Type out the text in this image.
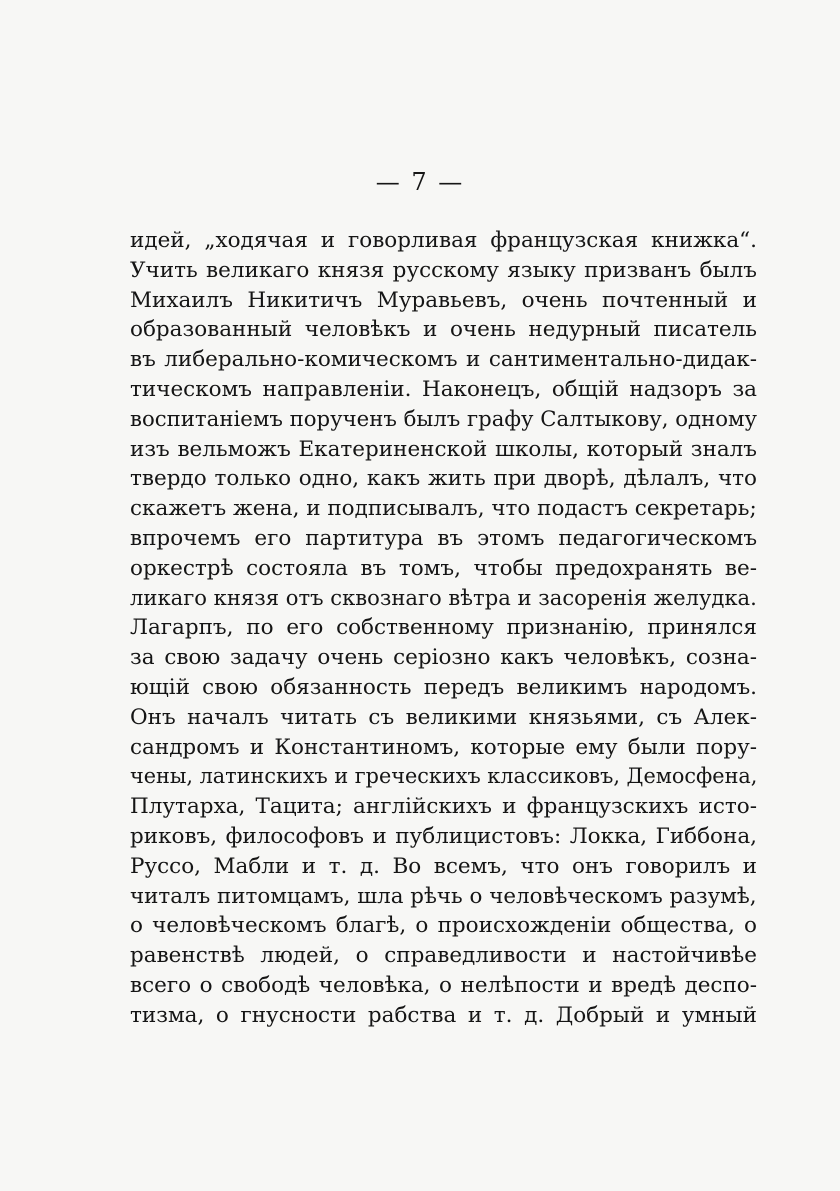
— 7 —
идей, „ходячая и говорливая французская книжка“.
Учить великаго князя русскому языку призванъ былъ
Михаилъ Никитичъ Муравьевъ, очень почтенный и
образованный человѣкъ и очень недурный писатель
въ либерально-комическомъ и сантиментально-дидак-
тическомъ направленіи. Наконецъ, общій надзоръ за
воспитаніемъ порученъ былъ графу Салтыкову, одному
изъ вельможъ Екатериненской школы, который зналъ
твердо только одно, какъ жить при дворѣ, дѣлалъ, что
скажетъ жена, и подписывалъ, что подастъ секретарь;
впрочемъ его партитура въ этомъ педагогическомъ
оркестрѣ состояла въ томъ, чтобы предохранять ве-
ликаго князя отъ сквознаго вѣтра и засоренія желудка.
Лагарпъ, по его собственному признанію, принялся
за свою задачу очень серіозно какъ человѣкъ, созна-
ющій свою обязанность передъ великимъ народомъ.
Онъ началъ читать съ великими князьями, съ Алек-
сандромъ и Константиномъ, которые ему были пору-
чены, латинскихъ и греческихъ классиковъ, Демосфена,
Плутарха, Тацита; англійскихъ и французскихъ исто-
риковъ, философовъ и публицистовъ: Локка, Гиббона,
Руссо, Мабли и т. д. Во всемъ, что онъ говорилъ и
читалъ питомцамъ, шла рѣчь о человѣческомъ разумѣ,
о человѣческомъ благѣ, о происхожденіи общества, о
равенствѣ людей, о справедливости и настойчивѣе
всего о свободѣ человѣка, о нелѣпости и вредѣ деспо-
тизма, о гнусности рабства и т. д. Добрый и умный
